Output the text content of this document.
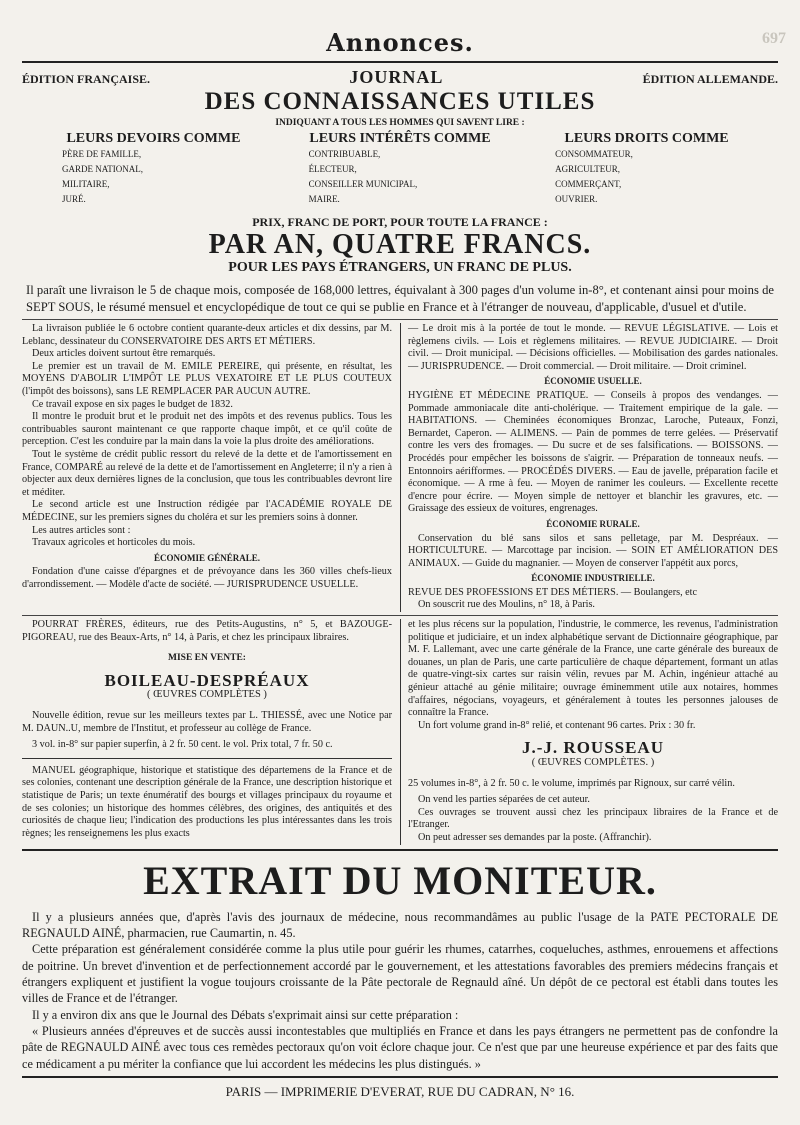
697
Annonces.
ÉDITION FRANÇAISE.	JOURNAL	ÉDITION ALLEMANDE.
DES CONNAISSANCES UTILES
INDIQUANT A TOUS LES HOMMES QUI SAVENT LIRE :
LEURS DEVOIRS COMME
PÈRE DE FAMILLE,
GARDE NATIONAL,
MILITAIRE,
JURÉ.
LEURS INTÉRÊTS COMME
CONTRIBUABLE,
ÉLECTEUR,
CONSEILLER MUNICIPAL,
MAIRE.
LEURS DROITS COMME
CONSOMMATEUR,
AGRICULTEUR,
COMMERÇANT,
OUVRIER.
PRIX, FRANC DE PORT, POUR TOUTE LA FRANCE :
PAR AN, QUATRE FRANCS.
POUR LES PAYS ÉTRANGERS, UN FRANC DE PLUS.
Il paraît une livraison le 5 de chaque mois, composée de 168,000 lettres, équivalant à 300 pages d'un volume in-8°, et contenant ainsi pour moins de SEPT SOUS, le résumé mensuel et encyclopédique de tout ce qui se publie en France et à l'étranger de nouveau, d'applicable, d'usuel et d'utile.

La livraison publiée le 6 octobre contient quarante-deux articles et dix dessins, par M. Leblanc, dessinateur du CONSERVATOIRE DES ARTS ET MÉTIERS.

Deux articles doivent surtout être remarqués.

Le premier est un travail de M. EMILE PEREIRE, qui présente, en résultat, les MOYENS D'ABOLIR L'IMPÔT LE PLUS VEXATOIRE ET LE PLUS COUTEUX (l'impôt des boissons), sans LE REMPLACER PAR AUCUN AUTRE.

Ce travail expose en six pages le budget de 1832.

Il montre le produit brut et le produit net des impôts et des revenus publics. Tous les contribuables sauront maintenant ce que rapporte chaque impôt, et ce qu'il coûte de perception. C'est les conduire par la main dans la voie la plus droite des améliorations.

Tout le système de crédit public ressort du relevé de la dette et de l'amortissement en France, COMPARÉ au relevé de la dette et de l'amortissement en Angleterre; il n'y a rien à objecter aux deux dernières lignes de la conclusion, que tous les contribuables devront lire et méditer.

Le second article est une Instruction rédigée par l'ACADÉMIE ROYALE DE MÉDECINE, sur les premiers signes du choléra et sur les premiers soins à donner.

Les autres articles sont :

Travaux agricoles et horticoles du mois.

ÉCONOMIE GÉNÉRALE.

Fondation d'une caisse d'épargnes et de prévoyance dans les 360 villes chefs-lieux d'arrondissement. — Modèle d'acte de société. — JURISPRUDENCE USUELLE.

— Le droit mis à la portée de tout le monde. — REVUE LÉGISLATIVE. — Lois et règlemens civils. — Lois et règlemens militaires. — REVUE JUDICIAIRE. — Droit civil. — Droit municipal. — Décisions officielles. — Mobilisation des gardes nationales. — JURISPRUDENCE. — Droit commercial. — Droit militaire. — Droit criminel.

ÉCONOMIE USUELLE.

HYGIÈNE ET MÉDECINE PRATIQUE. — Conseils à propos des vendanges. — Pommade ammoniacale dite anti-cholérique. — Traitement empirique de la gale. — HABITATIONS. — Cheminées économiques Bronzac, Laroche, Puteaux, Fonzi, Bernardet, Caperon. — ALIMENS. — Pain de pommes de terre gelées. — Préservatif contre les vers des fromages. — Du sucre et de ses falsifications. — BOISSONS. — Procédés pour empêcher les boissons de s'aigrir. — Préparation de tonneaux neufs. — Entonnoirs aérifformes. — PROCÉDÉS DIVERS. — Eau de javelle, préparation facile et économique. — A rme à feu. — Moyen de ranimer les couleurs. — Excellente recette d'encre pour écrire. — Moyen simple de nettoyer et blanchir les gravures, etc. — Graissage des essieux de voitures, engrenages.

ÉCONOMIE RURALE.

Conservation du blé sans silos et sans pelletage, par M. Despréaux. — HORTICULTURE. — Marcottage par incision. — SOIN ET AMÉLIORATION DES ANIMAUX. — Guide du magnanier. — Moyen de conserver l'appétit aux porcs,

ÉCONOMIE INDUSTRIELLE.

REVUE DES PROFESSIONS ET DES MÉTIERS. — Boulangers, etc

On souscrit rue des Moulins, n° 18, à Paris.

POURRAT FRÈRES, éditeurs, rue des Petits-Augustins, n° 5, et BAZOUGE-PIGOREAU, rue des Beaux-Arts, n° 14, à Paris, et chez les principaux libraires.

MISE EN VENTE:
BOILEAU-DESPRÉAUX
( ŒUVRES COMPLÈTES )

Nouvelle édition, revue sur les meilleurs textes par L. THIESSÉ, avec une Notice par M. DAUN..U, membre de l'Institut, et professeur au collège de France.

3 vol. in-8° sur papier superfin, à 2 fr. 50 cent. le vol. Prix total, 7 fr. 50 c.

MANUEL géographique, historique et statistique des départemens de la France et de ses colonies, contenant une description générale de la France, une description historique et statistique de Paris; un texte énumératif des bourgs et villages principaux du royaume et de ses colonies; un historique des hommes célèbres, des origines, des antiquités et des curiosités de chaque lieu; l'indication des productions les plus intéressantes dans les trois règnes; les renseignemens les plus exacts

et les plus récens sur la population, l'industrie, le commerce, les revenus, l'administration politique et judiciaire, et un index alphabétique servant de Dictionnaire géographique, par M. F. Lallemant, avec une carte générale de la France, une carte générale des bureaux de douanes, un plan de Paris, une carte particulière de chaque département, formant un atlas de quatre-vingt-six cartes sur raisin vélin, revues par M. Achin, ingénieur attaché au génieur attaché au génie militaire; ouvrage éminemment utile aux notaires, hommes d'affaires, négocians, voyageurs, et généralement à toutes les personnes jalouses de connaître la France.

Un fort volume grand in-8° relié, et contenant 96 cartes. Prix : 30 fr.

J.-J. ROUSSEAU
( ŒUVRES COMPLÈTES. )

25 volumes in-8°, à 2 fr. 50 c. le volume, imprimés par Rignoux, sur carré vélin.

On vend les parties séparées de cet auteur.

Ces ouvrages se trouvent aussi chez les principaux libraires de la France et de l'Etranger.

On peut adresser ses demandes par la poste. (Affranchir).

EXTRAIT DU MONITEUR.

Il y a plusieurs années que, d'après l'avis des journaux de médecine, nous recommandâmes au public l'usage de la PATE PECTORALE DE REGNAULD AINÉ, pharmacien, rue Caumartin, n. 45.

Cette préparation est généralement considérée comme la plus utile pour guérir les rhumes, catarrhes, coqueluches, asthmes, enrouemens et affections de poitrine. Un brevet d'invention et de perfectionnement accordé par le gouvernement, et les attestations favorables des premiers médecins français et étrangers expliquent et justifient la vogue toujours croissante de la Pâte pectorale de Regnauld aîné. Un dépôt de ce pectoral est établi dans toutes les villes de France et de l'étranger.

Il y a environ dix ans que le Journal des Débats s'exprimait ainsi sur cette préparation :

« Plusieurs années d'épreuves et de succès aussi incontestables que multipliés en France et dans les pays étrangers ne permettent pas de confondre la pâte de REGNAULD AINÉ avec tous ces remèdes pectoraux qu'on voit éclore chaque jour. Ce n'est que par une heureuse expérience et par des faits que ce médicament a pu mériter la confiance que lui accordent les médecins les plus distingués. »

PARIS — IMPRIMERIE D'EVERAT, RUE DU CADRAN, N° 16.
